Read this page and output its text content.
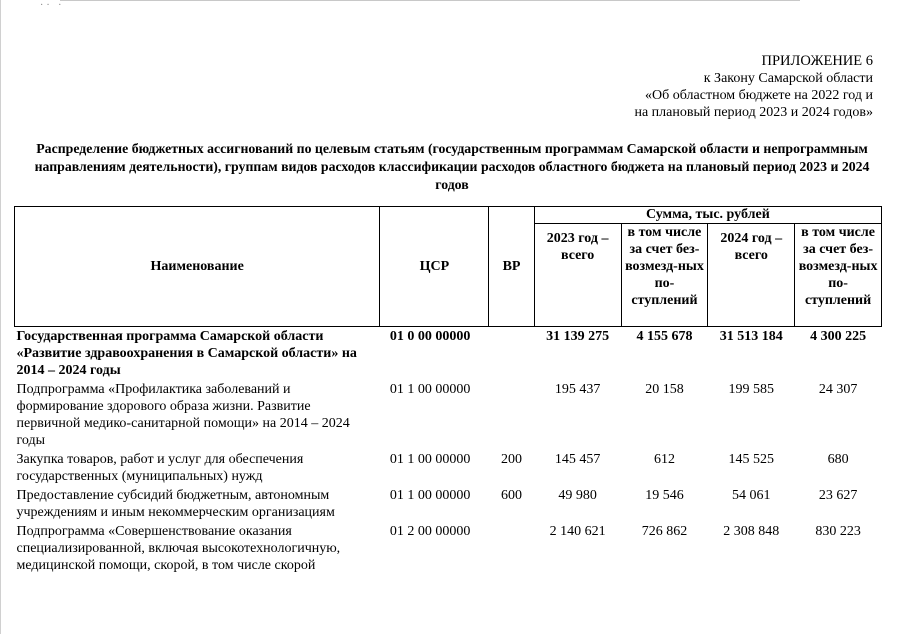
·· ·
ПРИЛОЖЕНИЕ 6
к Закону Самарской области
«Об областном бюджете на 2022 год и
на плановый период 2023 и 2024 годов»
Распределение бюджетных ассигнований по целевым статьям (государственным программам Самарской области и непрограммным направлениям деятельности), группам видов расходов классификации расходов областного бюджета на плановый период 2023 и 2024 годов
Наименование	ЦСР	ВР	Сумма, тыс. рублей			
			2023 год – всего	в том числе за счет без-возмезд-ных по-ступлений	2024 год – всего	в том числе за счет без-возмезд-ных по-ступлений
Государственная программа Самарской области «Развитие здравоохранения в Самарской области» на 2014 – 2024 годы	01 0 00 00000		31 139 275	4 155 678	31 513 184	4 300 225
Подпрограмма «Профилактика заболеваний и формирование здорового образа жизни. Развитие первичной медико-санитарной помощи» на 2014 – 2024 годы	01 1 00 00000		195 437	20 158	199 585	24 307
Закупка товаров, работ и услуг для обеспечения государственных (муниципальных) нужд	01 1 00 00000	200	145 457	612	145 525	680
Предоставление субсидий бюджетным, автономным учреждениям и иным некоммерческим организациям	01 1 00 00000	600	49 980	19 546	54 061	23 627
Подпрограмма «Совершенствование оказания специализированной, включая высокотехнологичную, медицинской помощи, скорой, в том числе скорой	01 2 00 00000		2 140 621	726 862	2 308 848	830 223
